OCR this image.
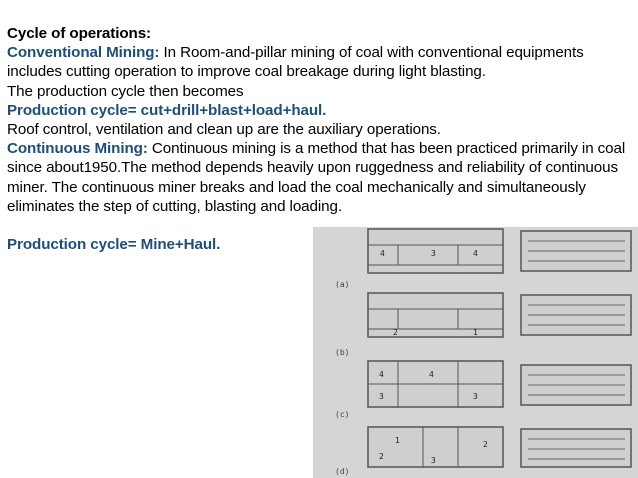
Cycle of operations:

Conventional Mining: In Room-and-pillar mining of coal with conventional equipments includes cutting operation to improve coal breakage during light blasting.

The production cycle then becomes

Production cycle= cut+drill+blast+load+haul.

Roof control, ventilation and clean up are the auxiliary operations.

Continuous Mining: Continuous mining is a method that has been practiced primarily in coal since about1950.The method depends heavily upon ruggedness and reliability of continuous miner. The continuous miner breaks and load the coal mechanically and simultaneously eliminates the step of cutting, blasting and loading.

Production cycle= Mine+Haul.

4	3	4
(a)
2	1
(b)
4	4
3	3
(c)
1
2	3
2
(d)
